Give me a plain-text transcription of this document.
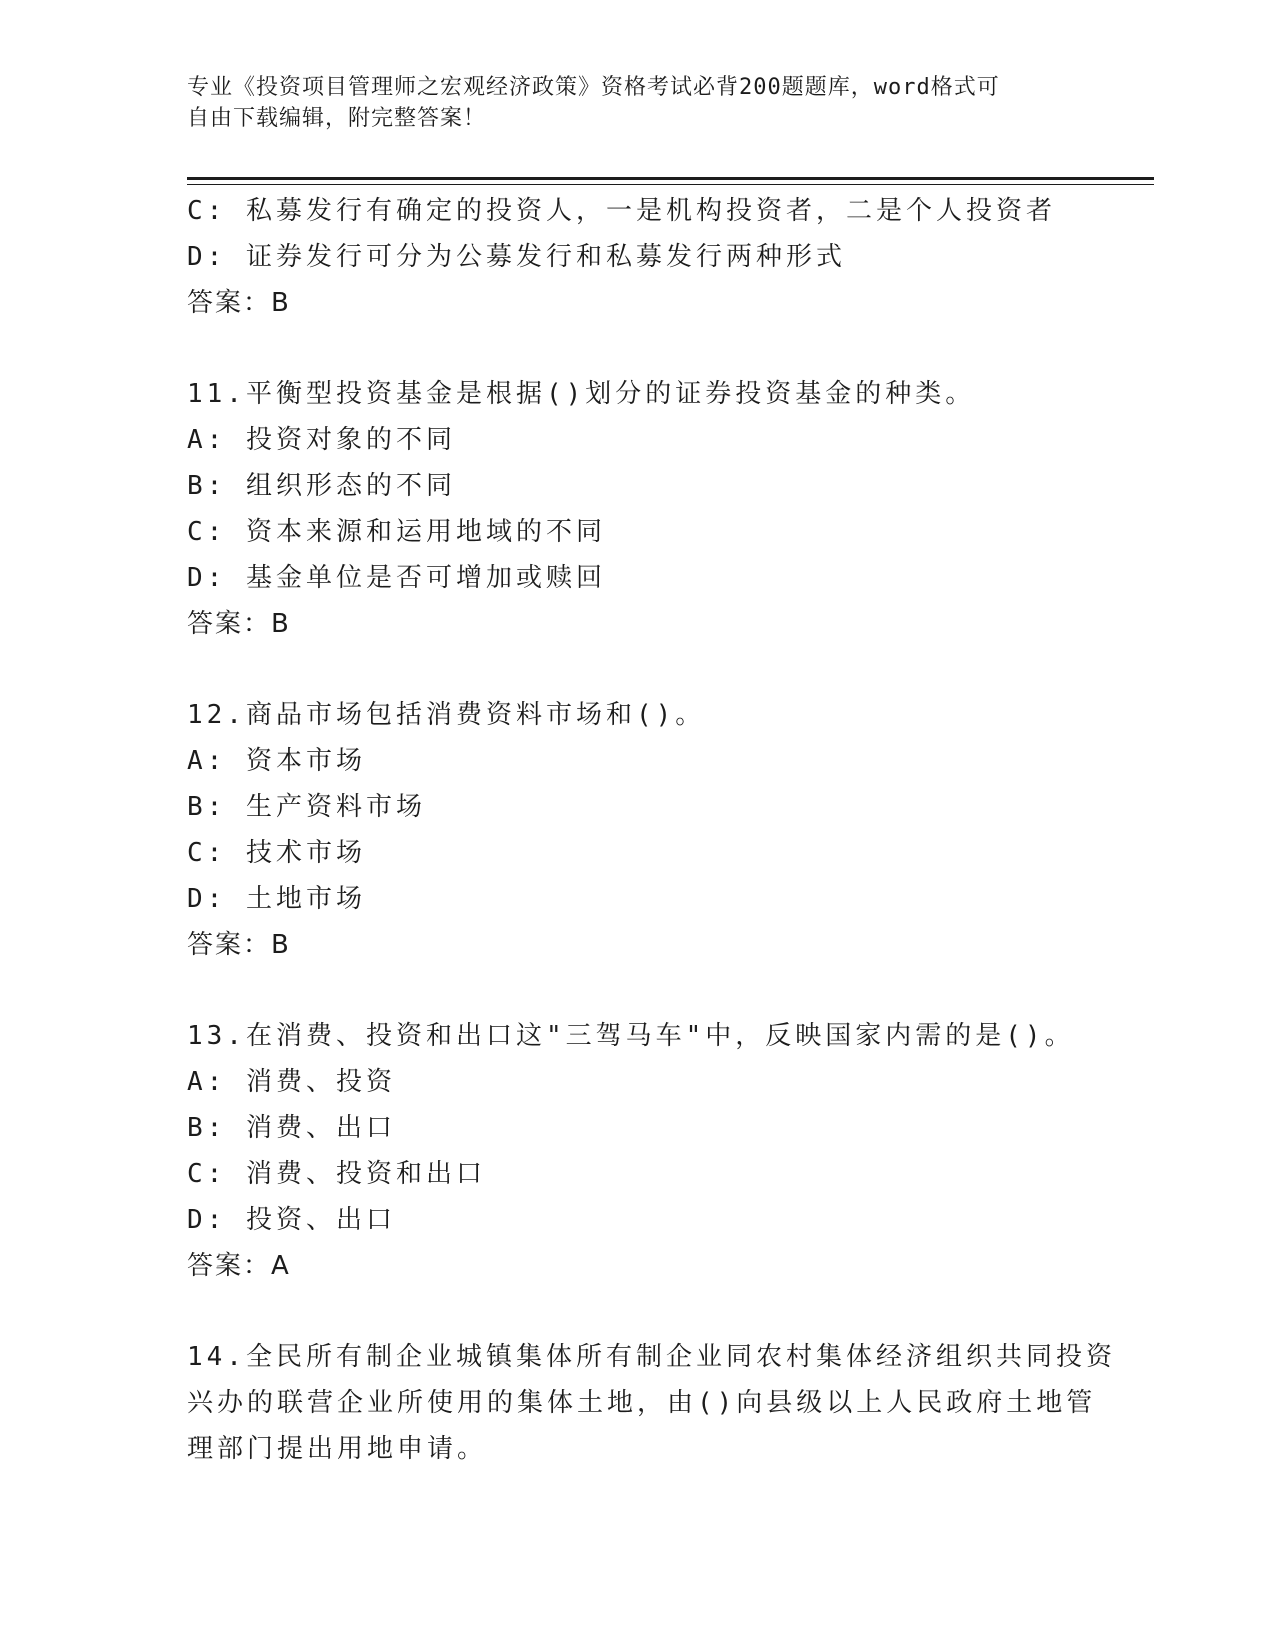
专业《投资项目管理师之宏观经济政策》资格考试必背200题题库，word格式可
自由下载编辑，附完整答案！
C: 私募发行有确定的投资人，一是机构投资者，二是个人投资者
D: 证券发行可分为公募发行和私募发行两种形式
答案：B
11.平衡型投资基金是根据()划分的证券投资基金的种类。
A: 投资对象的不同
B: 组织形态的不同
C: 资本来源和运用地域的不同
D: 基金单位是否可增加或赎回
答案：B
12.商品市场包括消费资料市场和()。
A: 资本市场
B: 生产资料市场
C: 技术市场
D: 土地市场
答案：B
13.在消费、投资和出口这"三驾马车"中，反映国家内需的是()。
A: 消费、投资
B: 消费、出口
C: 消费、投资和出口
D: 投资、出口
答案：A
14.全民所有制企业城镇集体所有制企业同农村集体经济组织共同投资
兴办的联营企业所使用的集体土地，由()向县级以上人民政府土地管
理部门提出用地申请。
